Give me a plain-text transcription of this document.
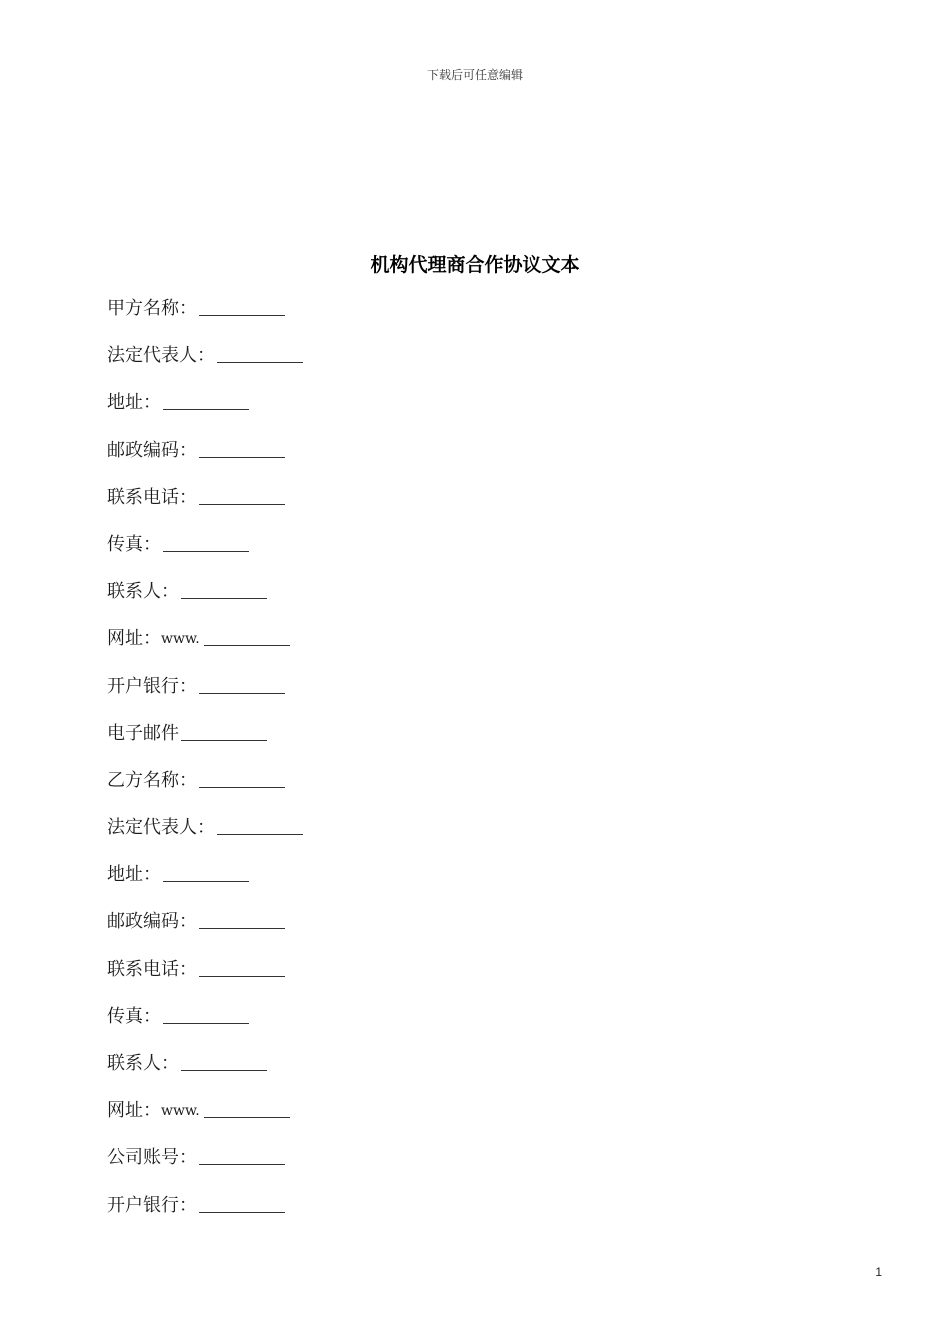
下载后可任意编辑
机构代理商合作协议文本
甲方名称：
法定代表人：
地址：
邮政编码：
联系电话：
传真：
联系人：
网址： www.
开户银行：
电子邮件
乙方名称：
法定代表人：
地址：
邮政编码：
联系电话：
传真：
联系人：
网址： www.
公司账号：
开户银行：
1
